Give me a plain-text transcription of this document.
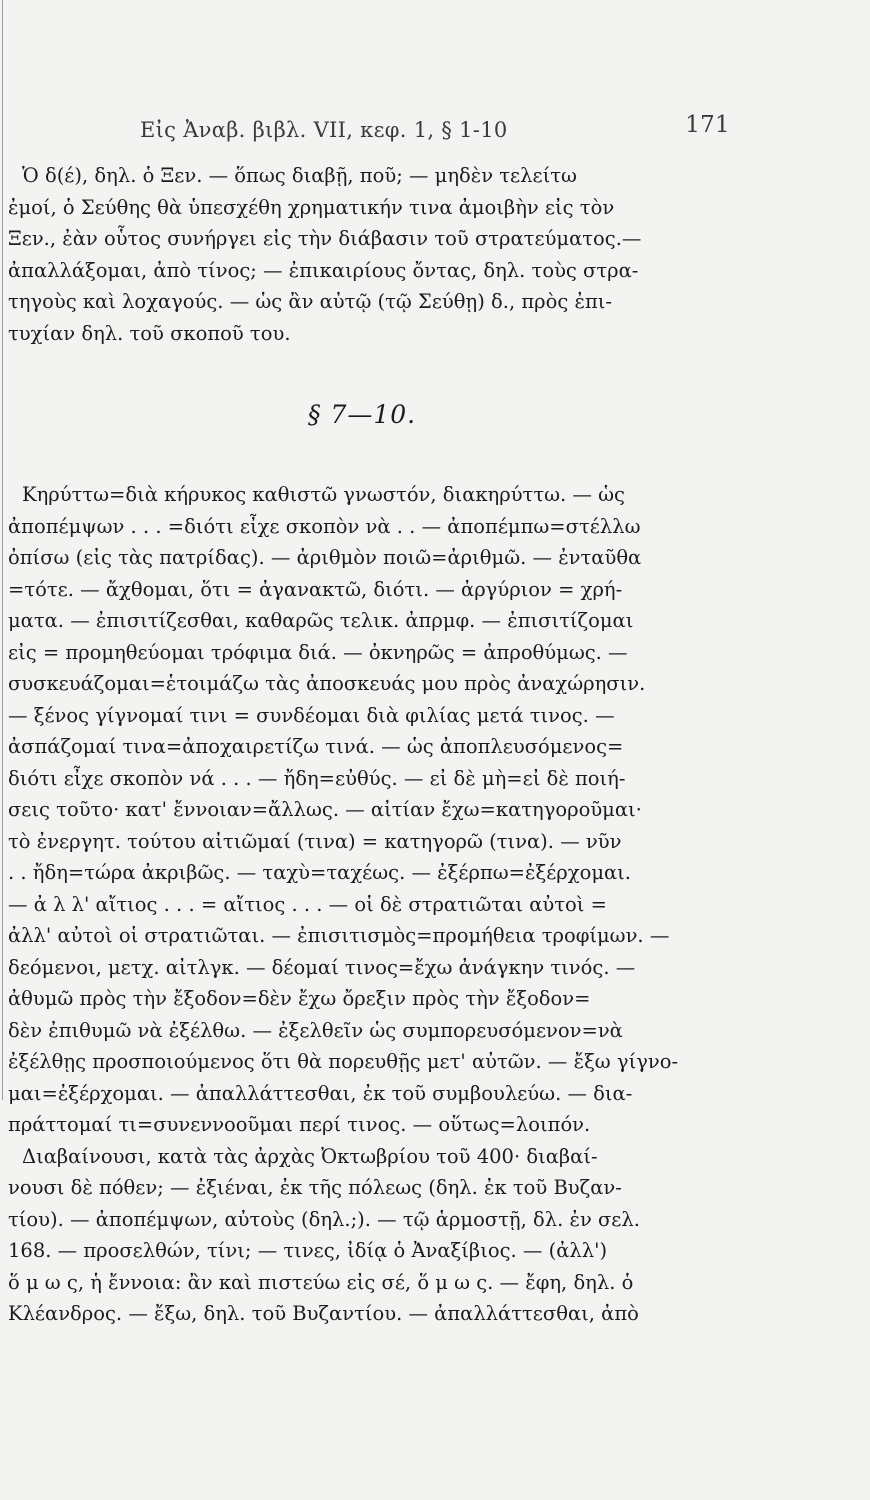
Εἰς Ἀναβ. βιβλ. VII, κεφ. 1, § 1-10	171
Ὁ δ(έ), δηλ. ὁ Ξεν. — ὅπως διαβῇ, ποῦ; — μηδὲν τελείτω
ἐμοί, ὁ Σεύθης θὰ ὑπεσχέθη χρηματικήν τινα ἀμοιβὴν εἰς τὸν
Ξεν., ἐὰν οὗτος συνήργει εἰς τὴν διάβασιν τοῦ στρατεύματος.—
ἀπαλλάξομαι, ἀπὸ τίνος; — ἐπικαιρίους ὄντας, δηλ. τοὺς στρα-
τηγοὺς καὶ λοχαγούς. — ὡς ἂν αὐτῷ (τῷ Σεύθῃ) δ., πρὸς ἐπι-
τυχίαν δηλ. τοῦ σκοποῦ του.
§ 7—10.
Κηρύττω=διὰ κήρυκος καθιστῶ γνωστόν, διακηρύττω. — ὡς
ἀποπέμψων . . . =διότι εἶχε σκοπὸν νὰ . . — ἀποπέμπω=στέλλω
ὀπίσω (εἰς τὰς πατρίδας). — ἀριθμὸν ποιῶ=ἀριθμῶ. — ἐνταῦθα
=τότε. — ἄχθομαι, ὅτι = ἀγανακτῶ, διότι. — ἀργύριον = χρή-
ματα. — ἐπισιτίζεσθαι, καθαρῶς τελικ. ἀπρμφ. — ἐπισιτίζομαι
εἰς = προμηθεύομαι τρόφιμα διά. — ὀκνηρῶς = ἀπροθύμως. —
συσκευάζομαι=ἑτοιμάζω τὰς ἀποσκευάς μου πρὸς ἀναχώρησιν.
— ξένος γίγνομαί τινι = συνδέομαι διὰ φιλίας μετά τινος. —
ἀσπάζομαί τινα=ἀποχαιρετίζω τινά. — ὡς ἀποπλευσόμενος=
διότι εἶχε σκοπὸν νά . . . — ἤδη=εὐθύς. — εἰ δὲ μὴ=εἰ δὲ ποιή-
σεις τοῦτο· κατ' ἔννοιαν=ἄλλως. — αἰτίαν ἔχω=κατηγοροῦμαι·
τὸ ἐνεργητ. τούτου αἰτιῶμαί (τινα) = κατηγορῶ (τινα). — νῦν
. . ἤδη=τώρα ἀκριβῶς. — ταχὺ=ταχέως. — ἐξέρπω=ἐξέρχομαι.
— ἀ λ λ' αἴτιος . . . = αἴτιος . . . — οἱ δὲ στρατιῶται αὐτοὶ =
ἀλλ' αὐτοὶ οἱ στρατιῶται. — ἐπισιτισμὸς=προμήθεια τροφίμων. —
δεόμενοι, μετχ. αἰτλγκ. — δέομαί τινος=ἔχω ἀνάγκην τινός. —
ἀθυμῶ πρὸς τὴν ἔξοδον=δὲν ἔχω ὄρεξιν πρὸς τὴν ἔξοδον=
δὲν ἐπιθυμῶ νὰ ἐξέλθω. — ἐξελθεῖν ὡς συμπορευσόμενον=νὰ
ἐξέλθῃς προσποιούμενος ὅτι θὰ πορευθῇς μετ' αὐτῶν. — ἔξω γίγνο-
μαι=ἐξέρχομαι. — ἀπαλλάττεσθαι, ἐκ τοῦ συμβουλεύω. — δια-
πράττομαί τι=συνεννοοῦμαι περί τινος. — οὕτως=λοιπόν.
Διαβαίνουσι, κατὰ τὰς ἀρχὰς Ὀκτωβρίου τοῦ 400· διαβαί-
νουσι δὲ πόθεν; — ἐξιέναι, ἐκ τῆς πόλεως (δηλ. ἐκ τοῦ Βυζαν-
τίου). — ἀποπέμψων, αὐτοὺς (δηλ.;). — τῷ ἁρμοστῇ, δλ. ἐν σελ.
168. — προσελθών, τίνι; — τινες, ἰδίᾳ ὁ Ἀναξίβιος. — (ἀλλ')
ὅ μ ω ς, ἡ ἔννοια: ἂν καὶ πιστεύω εἰς σέ, ὅ μ ω ς. — ἔφη, δηλ. ὁ
Κλέανδρος. — ἔξω, δηλ. τοῦ Βυζαντίου. — ἀπαλλάττεσθαι, ἀπὸ
